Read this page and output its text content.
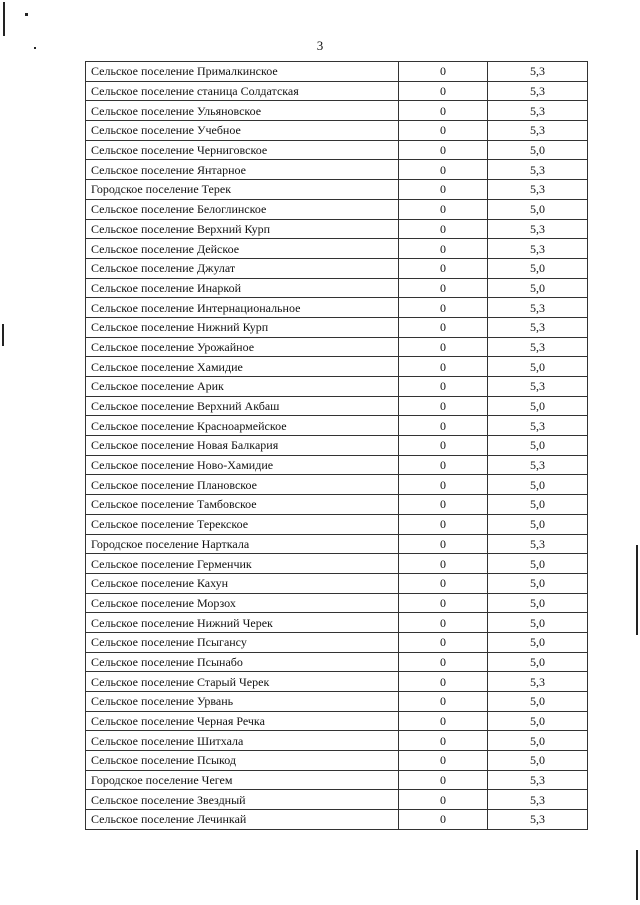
3
Сельское поселение Прималкинское	0	5,3
Сельское поселение станица Солдатская	0	5,3
Сельское поселение Ульяновское	0	5,3
Сельское поселение Учебное	0	5,3
Сельское поселение Черниговское	0	5,0
Сельское поселение Янтарное	0	5,3
Городское поселение Терек	0	5,3
Сельское поселение Белоглинское	0	5,0
Сельское поселение Верхний Курп	0	5,3
Сельское поселение Дейское	0	5,3
Сельское поселение Джулат	0	5,0
Сельское поселение Инаркой	0	5,0
Сельское поселение Интернациональное	0	5,3
Сельское поселение Нижний Курп	0	5,3
Сельское поселение Урожайное	0	5,3
Сельское поселение Хамидие	0	5,0
Сельское поселение Арик	0	5,3
Сельское поселение Верхний Акбаш	0	5,0
Сельское поселение Красноармейское	0	5,3
Сельское поселение Новая Балкария	0	5,0
Сельское поселение Ново-Хамидие	0	5,3
Сельское поселение Плановское	0	5,0
Сельское поселение Тамбовское	0	5,0
Сельское поселение Терекское	0	5,0
Городское поселение Нарткала	0	5,3
Сельское поселение Герменчик	0	5,0
Сельское поселение Кахун	0	5,0
Сельское поселение Морзох	0	5,0
Сельское поселение Нижний Черек	0	5,0
Сельское поселение Псыгансу	0	5,0
Сельское поселение Псынабо	0	5,0
Сельское поселение Старый Черек	0	5,3
Сельское поселение Урвань	0	5,0
Сельское поселение Черная Речка	0	5,0
Сельское поселение Шитхала	0	5,0
Сельское поселение Псыкод	0	5,0
Городское поселение Чегем	0	5,3
Сельское поселение Звездный	0	5,3
Сельское поселение Лечинкай	0	5,3
